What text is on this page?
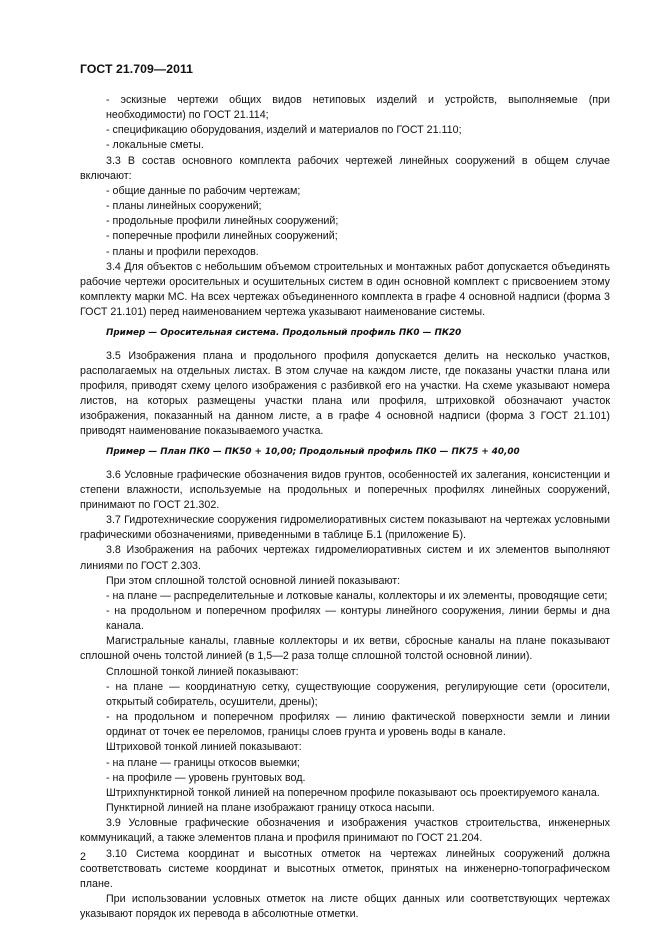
ГОСТ 21.709—2011

- эскизные чертежи общих видов нетиповых изделий и устройств, выполняемые (при необходимости) по ГОСТ 21.114;

- спецификацию оборудования, изделий и материалов по ГОСТ 21.110;

- локальные сметы.

3.3 В состав основного комплекта рабочих чертежей линейных сооружений в общем случае включают:

- общие данные по рабочим чертежам;

- планы линейных сооружений;

- продольные профили линейных сооружений;

- поперечные профили линейных сооружений;

- планы и профили переходов.

3.4 Для объектов с небольшим объемом строительных и монтажных работ допускается объединять рабочие чертежи оросительных и осушительных систем в один основной комплект с присвоением этому комплекту марки МС. На всех чертежах объединенного комплекта в графе 4 основной надписи (форма 3 ГОСТ 21.101) перед наименованием чертежа указывают наименование системы.

Пример — Оросительная система. Продольный профиль ПК0 — ПК20

3.5 Изображения плана и продольного профиля допускается делить на несколько участков, располагаемых на отдельных листах. В этом случае на каждом листе, где показаны участки плана или профиля, приводят схему целого изображения с разбивкой его на участки. На схеме указывают номера листов, на которых размещены участки плана или профиля, штриховкой обозначают участок изображения, показанный на данном листе, а в графе 4 основной надписи (форма 3 ГОСТ 21.101) приводят наименование показываемого участка.

Пример — План ПК0 — ПК50 + 10,00; Продольный профиль ПК0 — ПК75 + 40,00

3.6 Условные графические обозначения видов грунтов, особенностей их залегания, консистенции и степени влажности, используемые на продольных и поперечных профилях линейных сооружений, принимают по ГОСТ 21.302.

3.7 Гидротехнические сооружения гидромелиоративных систем показывают на чертежах условными графическими обозначениями, приведенными в таблице Б.1 (приложение Б).

3.8 Изображения на рабочих чертежах гидромелиоративных систем и их элементов выполняют линиями по ГОСТ 2.303.

При этом сплошной толстой основной линией показывают:

- на плане — распределительные и лотковые каналы, коллекторы и их элементы, проводящие сети;

- на продольном и поперечном профилях — контуры линейного сооружения, линии бермы и дна канала.

Магистральные каналы, главные коллекторы и их ветви, сбросные каналы на плане показывают сплошной очень толстой линией (в 1,5—2 раза толще сплошной толстой основной линии).

Сплошной тонкой линией показывают:

- на плане — координатную сетку, существующие сооружения, регулирующие сети (оросители, открытый собиратель, осушители, дрены);

- на продольном и поперечном профилях — линию фактической поверхности земли и линии ординат от точек ее переломов, границы слоев грунта и уровень воды в канале.

Штриховой тонкой линией показывают:

- на плане — границы откосов выемки;

- на профиле — уровень грунтовых вод.

Штрихпунктирной тонкой линией на поперечном профиле показывают ось проектируемого канала.

Пунктирной линией на плане изображают границу откоса насыпи.

3.9 Условные графические обозначения и изображения участков строительства, инженерных коммуникаций, а также элементов плана и профиля принимают по ГОСТ 21.204.

3.10 Система координат и высотных отметок на чертежах линейных сооружений должна соответствовать системе координат и высотных отметок, принятых на инженерно-топографическом плане.

При использовании условных отметок на листе общих данных или соответствующих чертежах указывают порядок их перевода в абсолютные отметки.

2
